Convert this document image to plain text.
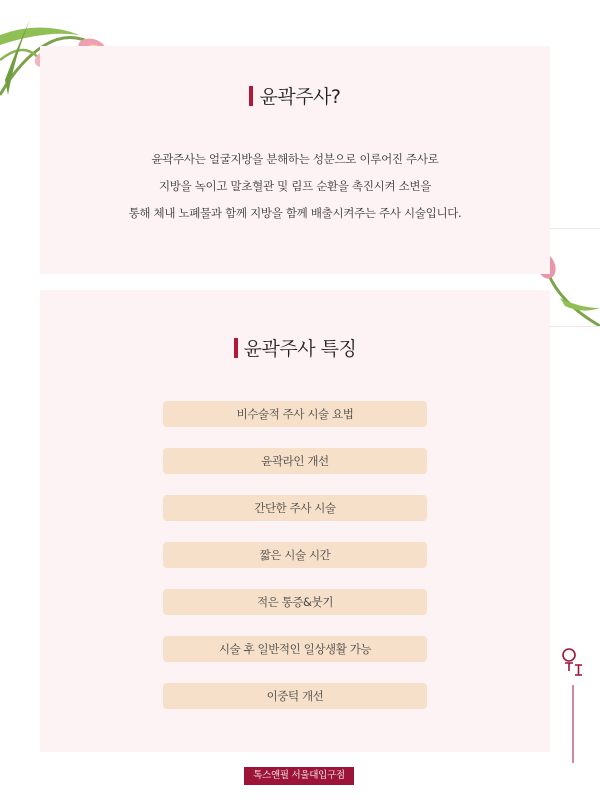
윤곽주사?

윤곽주사는 얼굴지방을 분해하는 성분으로 이루어진 주사로

지방을 녹이고 말초혈관 및 림프 순환을 촉진시켜 소변을

통해 체내 노폐물과 함께 지방을 함께 배출시켜주는 주사 시술입니다.

윤곽주사 특징
비수술적 주사 시술 요법
윤곽라인 개선
간단한 주사 시술
짧은 시술 시간
적은 통증&붓기
시술 후 일반적인 일상생활 가능
이중턱 개선
톡스앤필 서울대입구점
